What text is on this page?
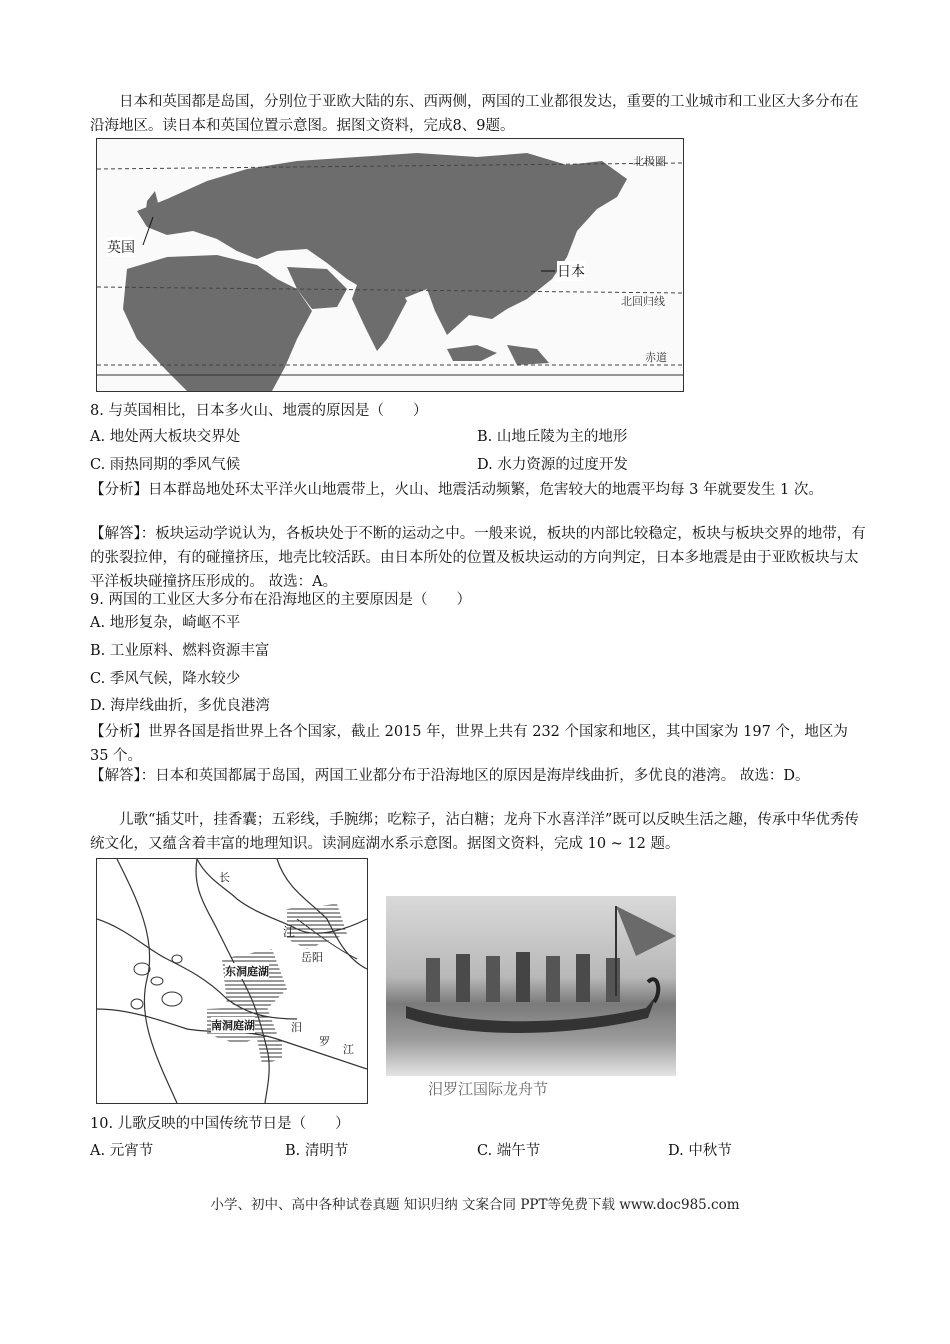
日本和英国都是岛国，分别位于亚欧大陆的东、西两侧，两国的工业都很发达，重要的工业城市和工业区大多分布在沿海地区。读日本和英国位置示意图。据图文资料，完成8、9题。

英国
日本
北极圈
北回归线
赤道

8. 与英国相比，日本多火山、地震的原因是（　　）

A. 地处两大板块交界处	B. 山地丘陵为主的地形
C. 雨热同期的季风气候	D. 水力资源的过度开发

【分析】日本群岛地处环太平洋火山地震带上，火山、地震活动频繁，危害较大的地震平均每 3 年就要发生 1 次。

【解答】：板块运动学说认为，各板块处于不断的运动之中。一般来说，板块的内部比较稳定，板块与板块交界的地带，有的张裂拉伸，有的碰撞挤压，地壳比较活跃。由日本所处的位置及板块运动的方向判定，日本多地震是由于亚欧板块与太平洋板块碰撞挤压形成的。 故选：A。

9. 两国的工业区大多分布在沿海地区的主要原因是（　　）

A. 地形复杂，崎岖不平
B. 工业原料、燃料资源丰富
C. 季风气候，降水较少
D. 海岸线曲折，多优良港湾

【分析】世界各国是指世界上各个国家，截止 2015 年，世界上共有 232 个国家和地区，其中国家为 197 个，地区为 35 个。

【解答】：日本和英国都属于岛国，两国工业都分布于沿海地区的原因是海岸线曲折，多优良的港湾。 故选：D。

儿歌“插艾叶，挂香囊；五彩线，手腕绑；吃粽子，沾白糖；龙舟下水喜洋洋”既可以反映生活之趣，传承中华优秀传统文化，又蕴含着丰富的地理知识。读洞庭湖水系示意图。据图文资料，完成 10 ~ 12 题。

长
江
岳阳
东洞庭湖
南洞庭湖	汨
罗
江
汨罗江国际龙舟节

10. 儿歌反映的中国传统节日是（　　）

A. 元宵节	B. 清明节	C. 端午节	D. 中秋节
小学、初中、高中各种试卷真题 知识归纳 文案合同 PPT等免费下载 www.doc985.com
